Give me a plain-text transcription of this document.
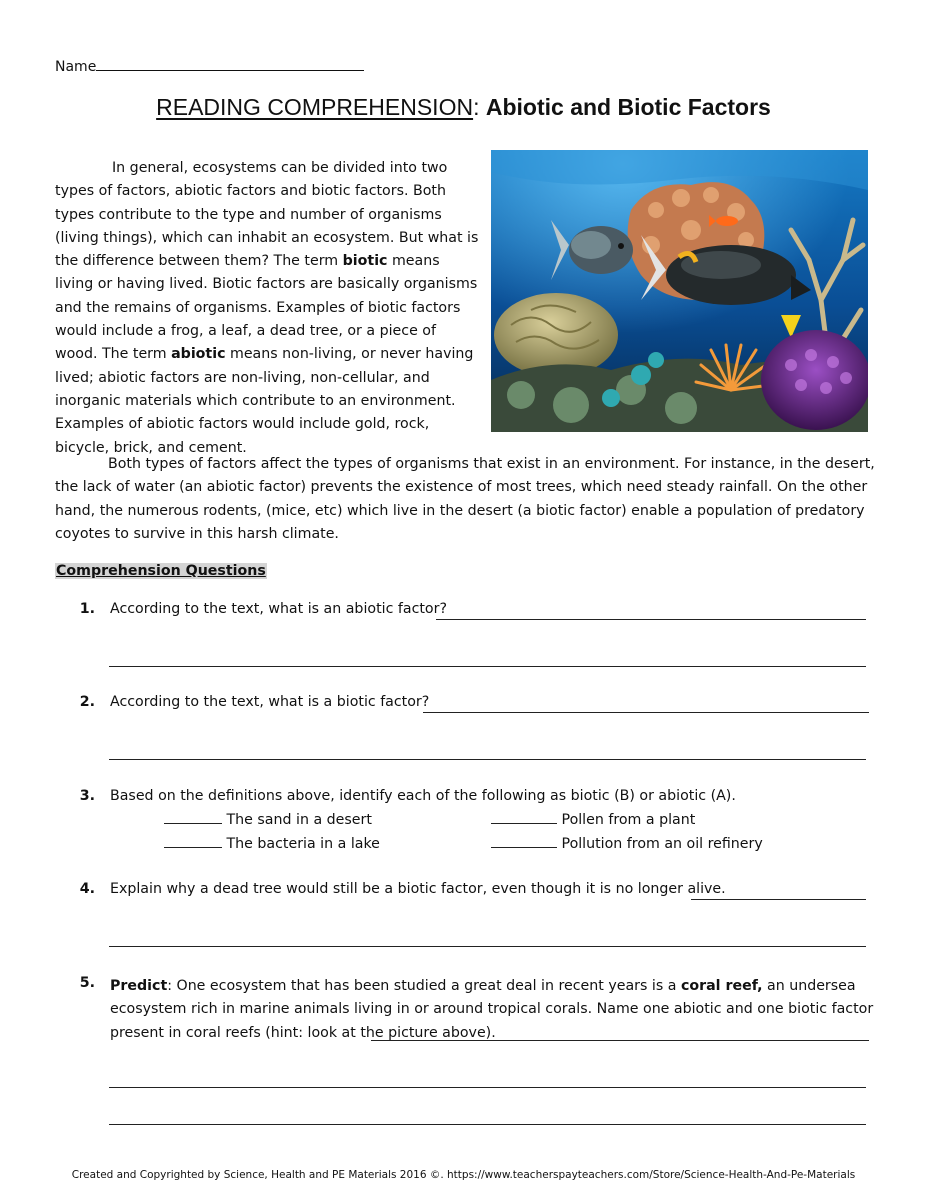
Name
READING COMPREHENSION: Abiotic and Biotic Factors
In general, ecosystems can be divided into two types of factors, abiotic factors and biotic factors. Both types contribute to the type and number of organisms (living things), which can inhabit an ecosystem. But what is the difference between them? The term biotic means living or having lived. Biotic factors are basically organisms and the remains of organisms. Examples of biotic factors would include a frog, a leaf, a dead tree, or a piece of wood. The term abiotic means non-living, or never having lived; abiotic factors are non-living, non-cellular, and inorganic materials which contribute to an environment. Examples of abiotic factors would include gold, rock, bicycle, brick, and cement.
Both types of factors affect the types of organisms that exist in an environment. For instance, in the desert, the lack of water (an abiotic factor) prevents the existence of most trees, which need steady rainfall. On the other hand, the numerous rodents, (mice, etc) which live in the desert (a biotic factor) enable a population of predatory coyotes to survive in this harsh climate.
Comprehension Questions
1. According to the text, what is an abiotic factor?
2. According to the text, what is a biotic factor?
3. Based on the definitions above, identify each of the following as biotic (B) or abiotic (A).
The sand in a desert	Pollen from a plant
The bacteria in a lake	Pollution from an oil refinery
4. Explain why a dead tree would still be a biotic factor, even though it is no longer alive.
5. Predict: One ecosystem that has been studied a great deal in recent years is a coral reef, an undersea ecosystem rich in marine animals living in or around tropical corals. Name one abiotic and one biotic factor present in coral reefs (hint: look at the picture above).
Created and Copyrighted by Science, Health and PE Materials 2016 ©. https://www.teacherspayteachers.com/Store/Science-Health-And-Pe-Materials
